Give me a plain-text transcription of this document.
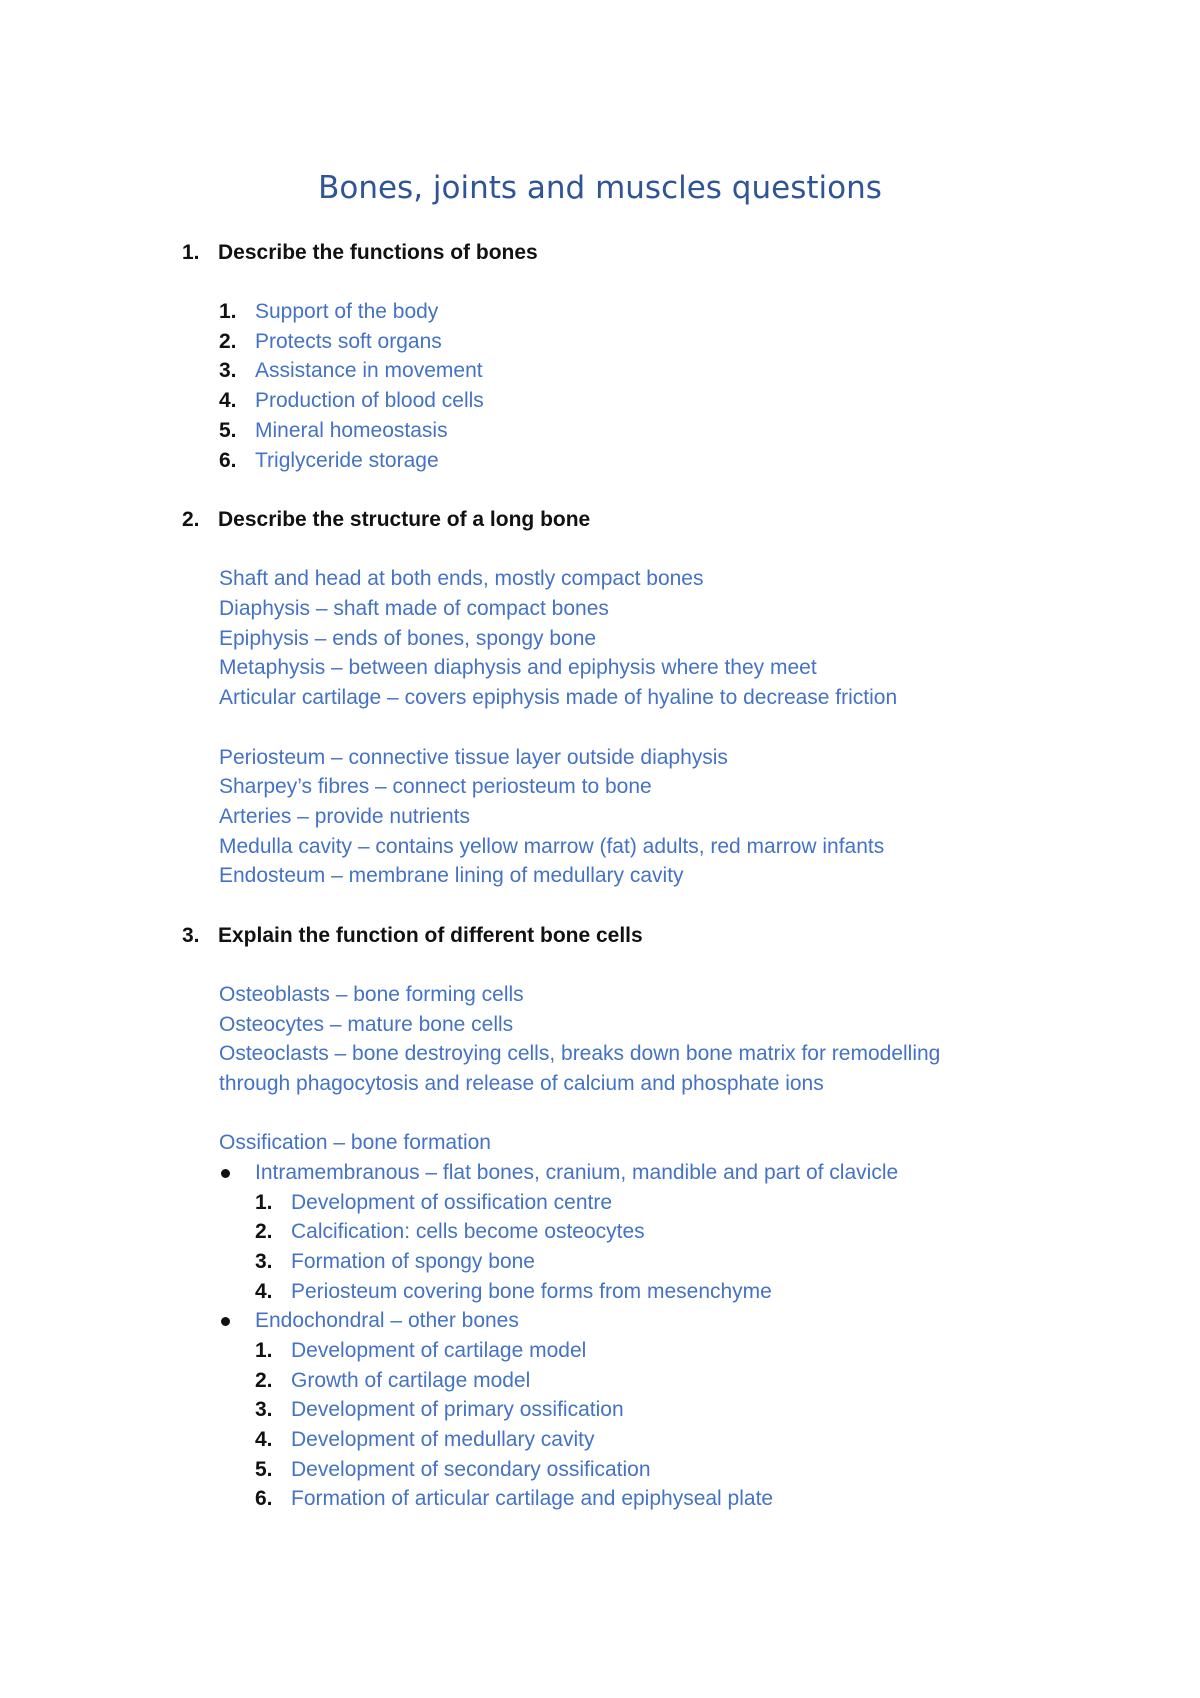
Bones, joints and muscles questions
1. Describe the functions of bones
1. Support of the body
2. Protects soft organs
3. Assistance in movement
4. Production of blood cells
5. Mineral homeostasis
6. Triglyceride storage
2. Describe the structure of a long bone
Shaft and head at both ends, mostly compact bones
Diaphysis – shaft made of compact bones
Epiphysis – ends of bones, spongy bone
Metaphysis – between diaphysis and epiphysis where they meet
Articular cartilage – covers epiphysis made of hyaline to decrease friction
Periosteum – connective tissue layer outside diaphysis
Sharpey’s fibres – connect periosteum to bone
Arteries – provide nutrients
Medulla cavity – contains yellow marrow (fat) adults, red marrow infants
Endosteum – membrane lining of medullary cavity
3. Explain the function of different bone cells
Osteoblasts – bone forming cells
Osteocytes – mature bone cells
Osteoclasts – bone destroying cells, breaks down bone matrix for remodelling
through phagocytosis and release of calcium and phosphate ions
Ossification – bone formation
Intramembranous – flat bones, cranium, mandible and part of clavicle
1. Development of ossification centre
2. Calcification: cells become osteocytes
3. Formation of spongy bone
4. Periosteum covering bone forms from mesenchyme
Endochondral – other bones
1. Development of cartilage model
2. Growth of cartilage model
3. Development of primary ossification
4. Development of medullary cavity
5. Development of secondary ossification
6. Formation of articular cartilage and epiphyseal plate
